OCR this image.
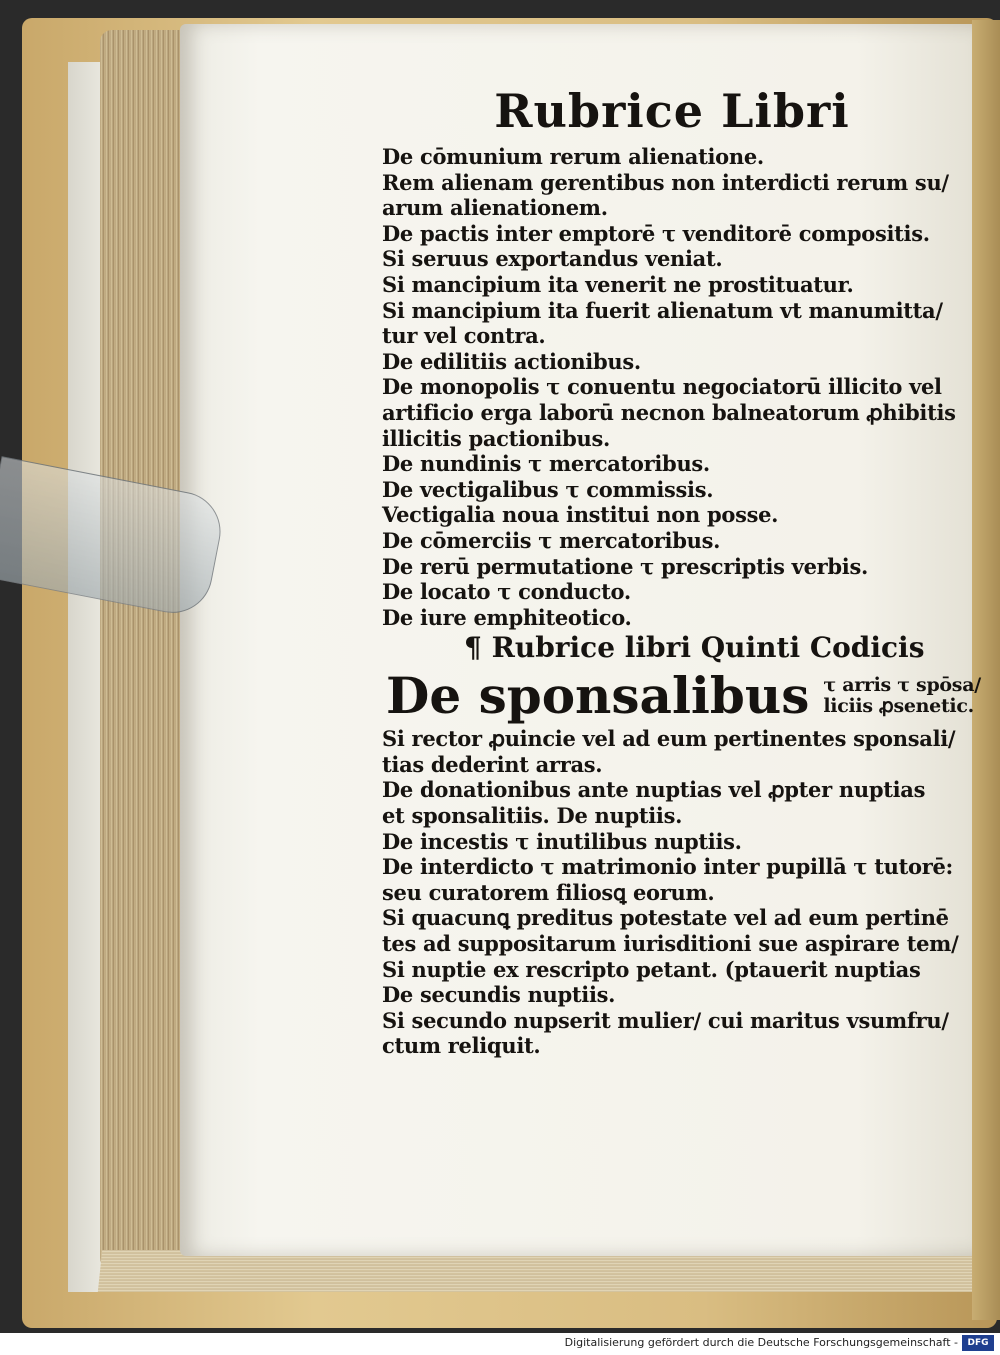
Rubrice Libri
De cōmunium rerum alienatione.
Rem alienam gerentibus non interdicti rerum su/
arum alienationem.
De pactis inter emptorē τ venditorē compositis.
Si seruus exportandus veniat.
Si mancipium ita venerit ne prostituatur.
Si mancipium ita fuerit alienatum vt manumitta/
tur vel contra.
De edilitiis actionibus.
De monopolis τ conuentu negociatorū illicito vel
artificio erga laborū necnon balneatorum ꝓhibitis
illicitis pactionibus.
De nundinis τ mercatoribus.
De vectigalibus τ commissis.
Vectigalia noua institui non posse.
De cōmerciis τ mercatoribus.
De rerū permutatione τ prescriptis verbis.
De locato τ conducto.
De iure emphiteotico.
¶ Rubrice libri Quinti Codicis
De sponsalibus τ arris τ spōsa/
liciis ꝓsenetic.
Si rector ꝓuincie vel ad eum pertinentes sponsali/
tias dederint arras.
De donationibus ante nuptias vel ꝓpter nuptias
et sponsalitiis. De nuptiis.
De incestis τ inutilibus nuptiis.
De interdicto τ matrimonio inter pupillā τ tutorē:
seu curatorem filiosꝗ eorum.
Si quacunꝗ preditus potestate vel ad eum pertinē
tes ad suppositarum iurisditioni sue aspirare tem/
Si nuptie ex rescripto petant. (ptauerit nuptias
De secundis nuptiis.
Si secundo nupserit mulier/ cui maritus vsumfru/
ctum reliquit.
Digitalisierung gefördert durch die Deutsche Forschungsgemeinschaft -	DFG
